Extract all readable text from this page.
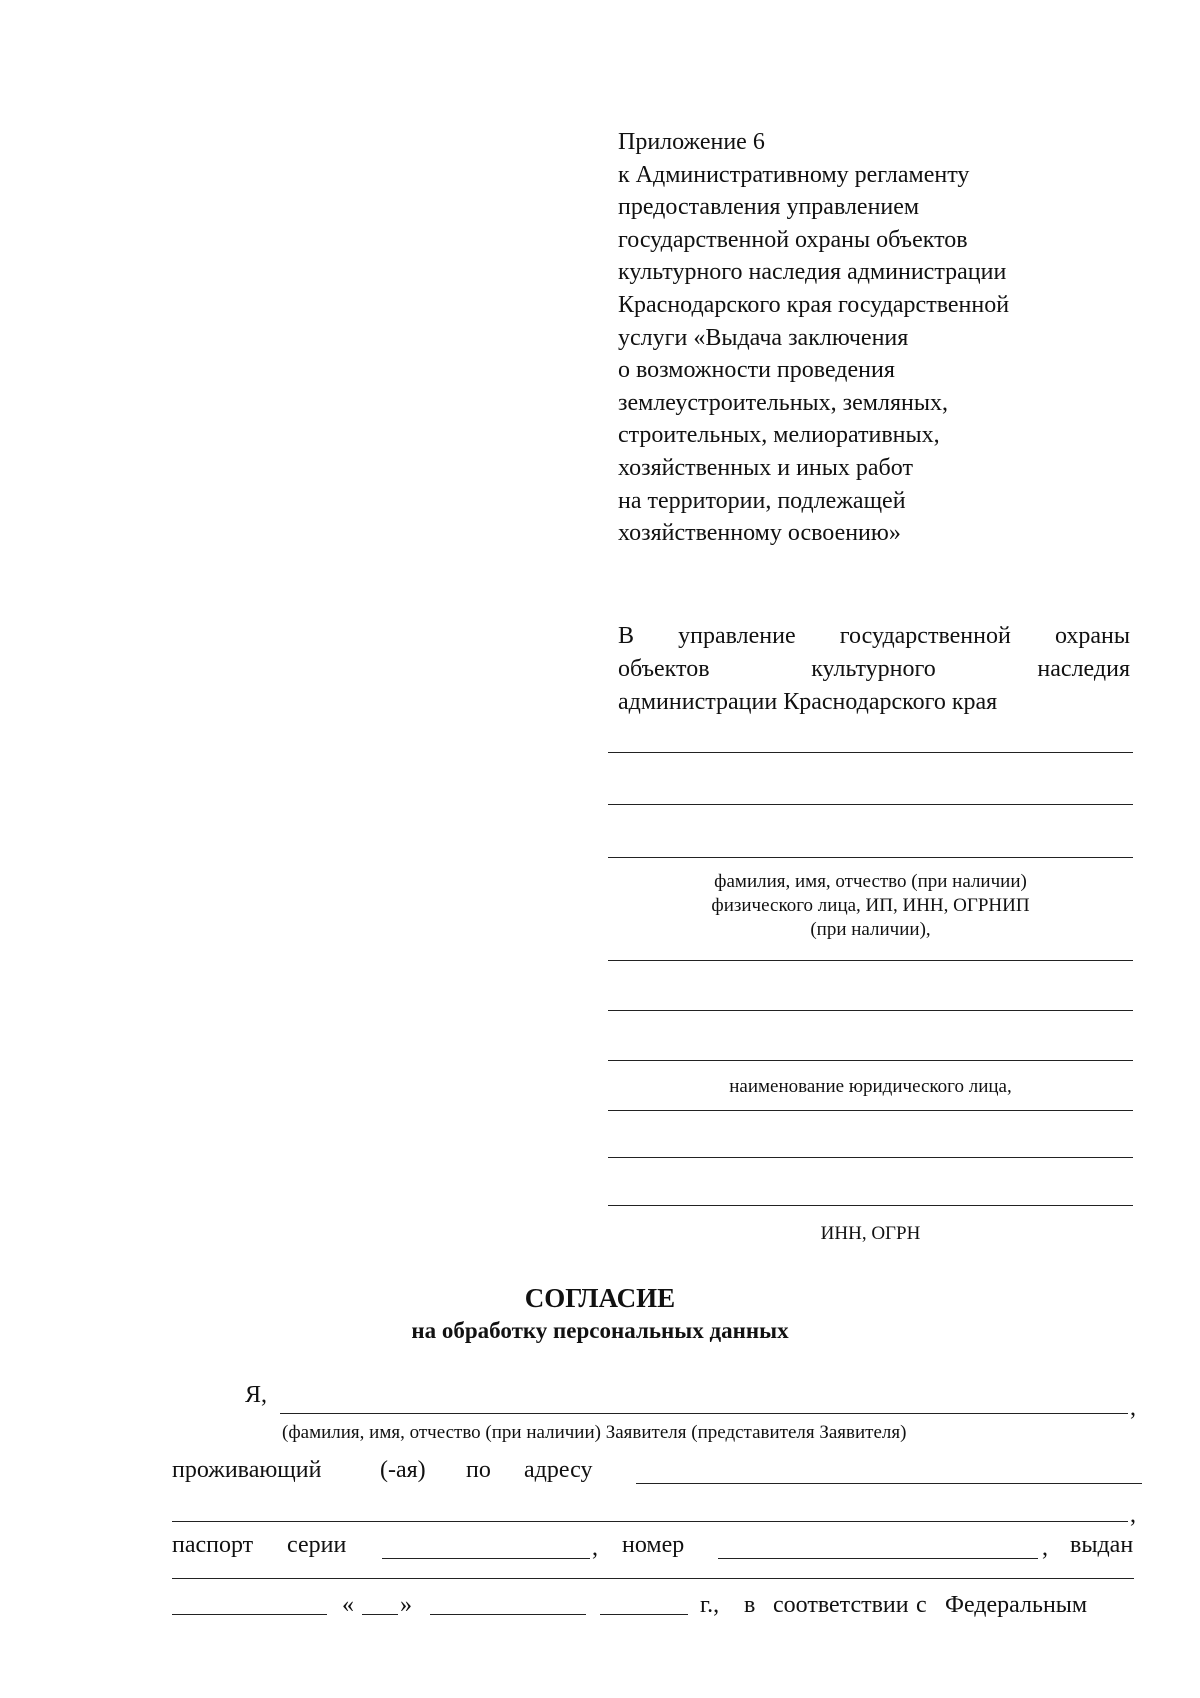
Приложение 6
к Административному регламенту
предоставления управлением
государственной охраны объектов
культурного наследия администрации
Краснодарского края государственной
услуги «Выдача заключения
о возможности проведения
землеустроительных, земляных,
строительных, мелиоративных,
хозяйственных и иных работ
на территории, подлежащей
хозяйственному освоению»
В управление государственной охраны
объектов культурного наследия
администрации Краснодарского края
фамилия, имя, отчество (при наличии)
физического лица, ИП, ИНН, ОГРНИП
(при наличии),
наименование юридического лица,
ИНН, ОГРН
СОГЛАСИЕ
на обработку персональных данных
Я,	,
(фамилия, имя, отчество (при наличии) Заявителя (представителя Заявителя)
проживающий (-ая) по адресу
,
паспорт серии	, номер	, выдан
« »	г., в соответствии с Федеральным
